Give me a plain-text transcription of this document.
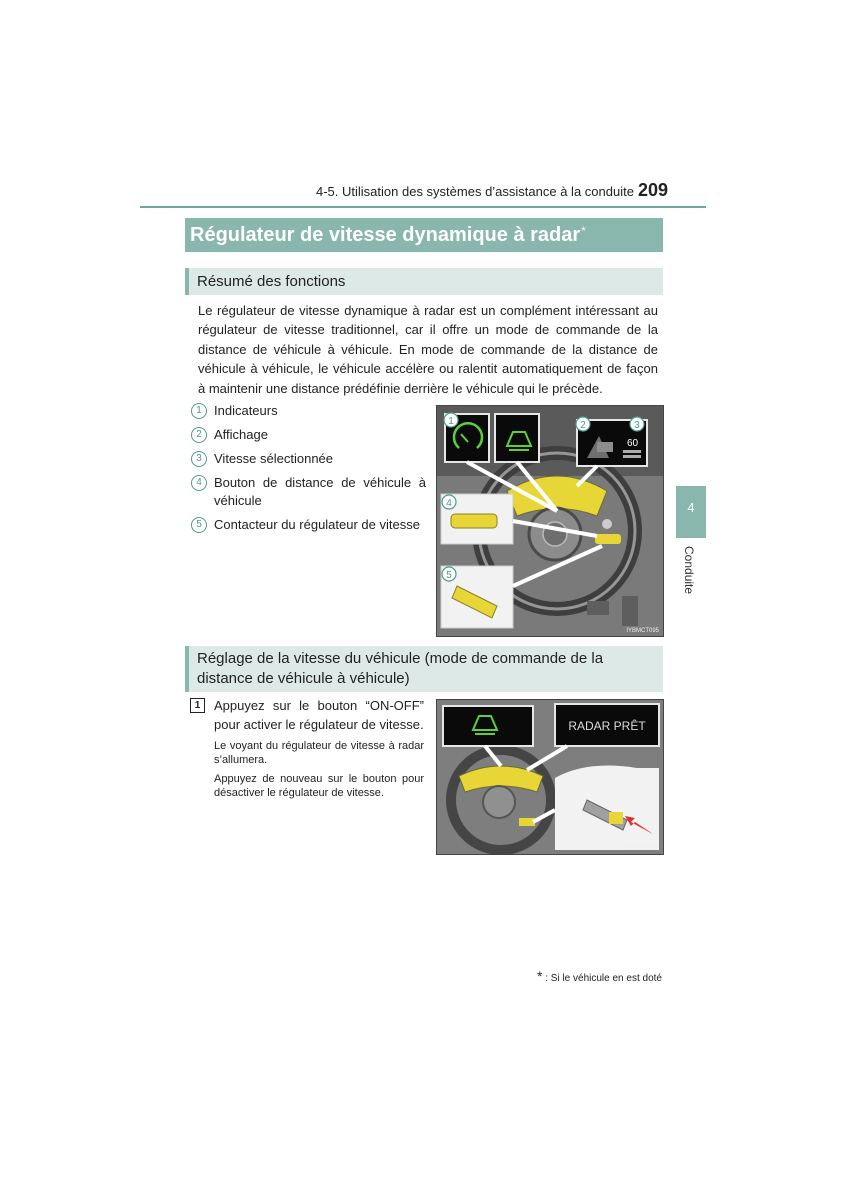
4-5. Utilisation des systèmes d’assistance à la conduite 209
4
Conduite
Régulateur de vitesse dynamique à radar*
Résumé des fonctions
Le régulateur de vitesse dynamique à radar est un complément intéressant au régulateur de vitesse traditionnel, car il offre un mode de commande de la distance de véhicule à véhicule. En mode de commande de la distance de véhicule à véhicule, le véhicule accélère ou ralentit automatiquement de façon à maintenir une distance prédéfinie derrière le véhicule qui le précède.
1 Indicateurs
2 Affichage
3 Vitesse sélectionnée
4 Bouton de distance de véhicule à véhicule
5 Contacteur du régulateur de vitesse
60
1	2	3
4
5
IYBMCT095
Réglage de la vitesse du véhicule (mode de commande de la distance de véhicule à véhicule)
1	Appuyez sur le bouton “ON-OFF” pour activer le régulateur de vitesse.
Le voyant du régulateur de vitesse à radar s’allumera.
Appuyez de nouveau sur le bouton pour désactiver le régulateur de vitesse.
RADAR PRÊT
IYBMCT106
* : Si le véhicule en est doté
